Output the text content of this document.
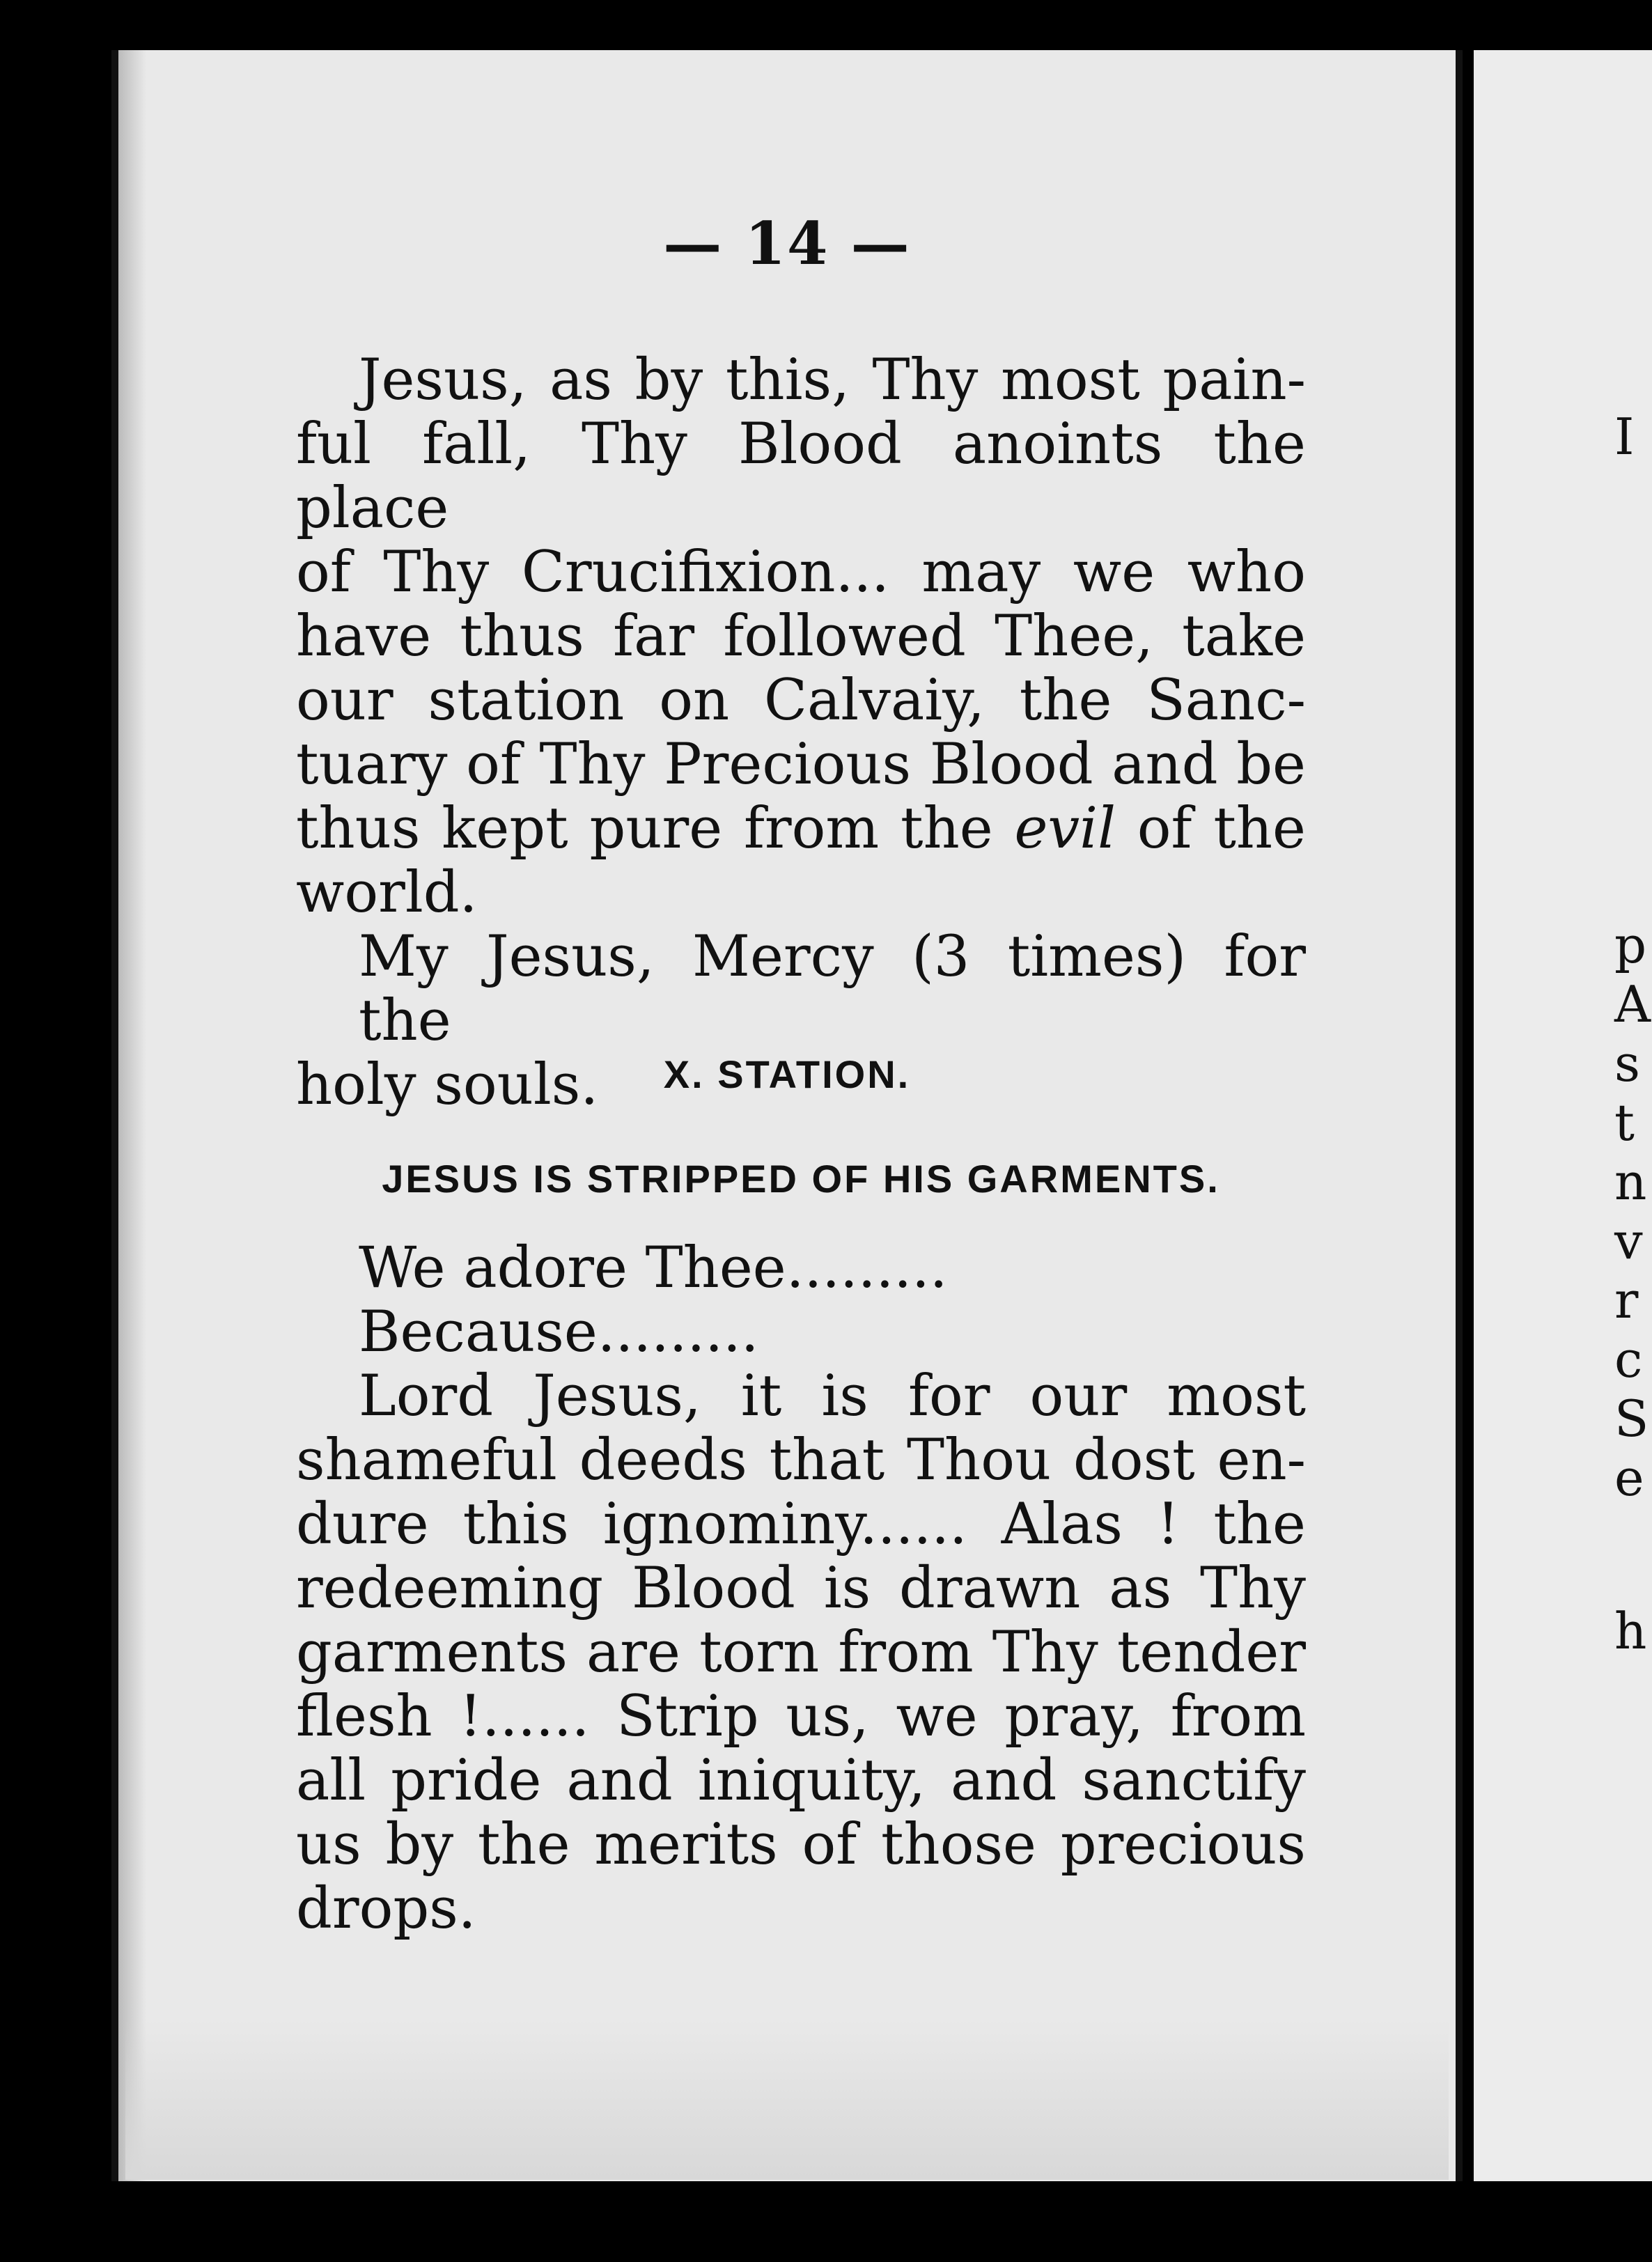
— 14 —
Jesus, as by this, Thy most pain-
ful fall, Thy Blood anoints the place
of Thy Crucifixion... may we who
have thus far followed Thee, take
our station on Calvaiy, the Sanc-
tuary of Thy Precious Blood and be
thus kept pure from the evil of the
world.
My Jesus, Mercy (3 times) for the
holy souls.	X. STATION.
JESUS IS STRIPPED OF HIS GARMENTS.
We adore Thee.........
Because.........
Lord Jesus, it is for our most
shameful deeds that Thou dost en-
dure this ignominy...... Alas ! the
redeeming Blood is drawn as Thy
garments are torn from Thy tender
flesh !...... Strip us, we pray, from
all pride and iniquity, and sanctify
us by the merits of those precious
drops.
I
p
A
s
t
n
v
r
c
S
e
h
